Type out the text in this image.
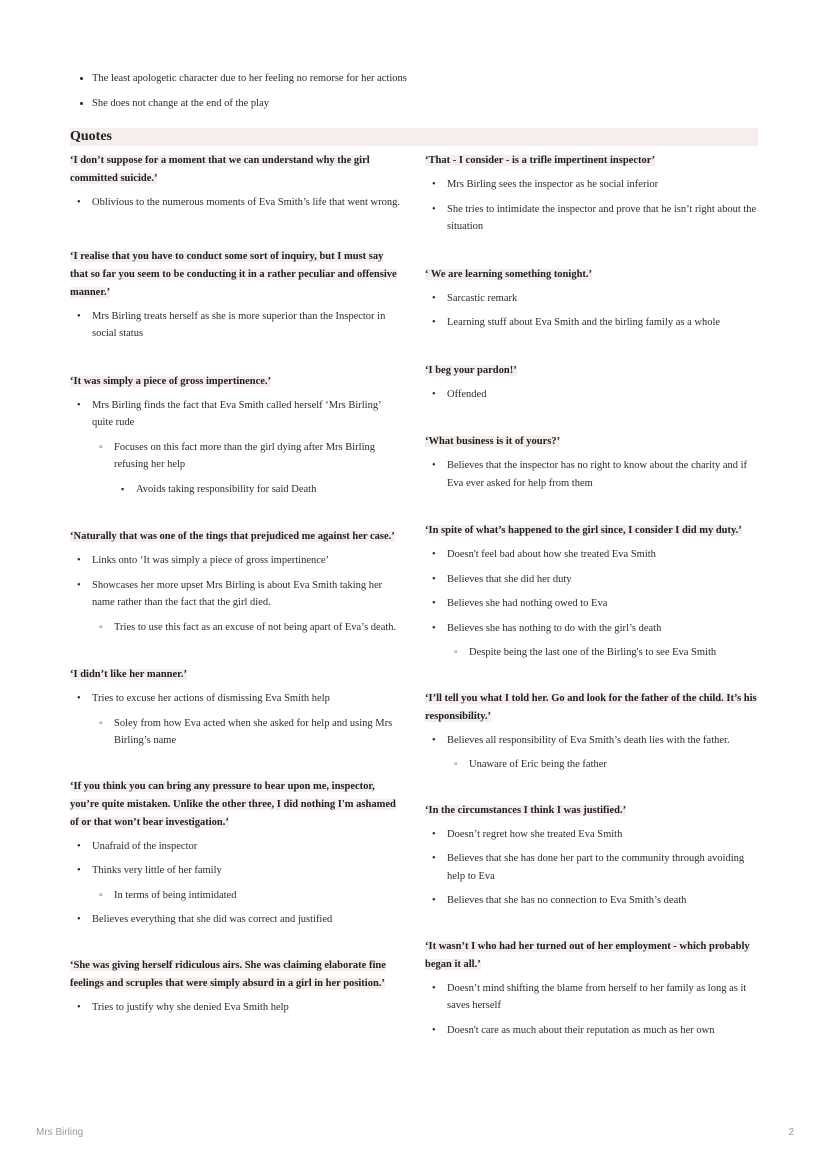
• The least apologetic character due to her feeling no remorse for her actions
• She does not change at the end of the play
Quotes

‘I don’t suppose for a moment that we can understand why the girl committed suicide.’

• Oblivious to the numerous moments of Eva Smith’s life that went wrong.

‘I realise that you have to conduct some sort of inquiry, but I must say that so far you seem to be conducting it in a rather peculiar and offensive manner.’

• Mrs Birling treats herself as she is more superior than the Inspector in social status

‘It was simply a piece of gross impertinence.’

• Mrs Birling finds the fact that Eva Smith called herself ‘Mrs Birling’ quite rude
◦ Focuses on this fact more than the girl dying after Mrs Birling refusing her help
▪ Avoids taking responsibility for said Death

‘Naturally that was one of the tings that prejudiced me against her case.’

• Links onto ‘It was simply a piece of gross impertinence’
• Showcases her more upset Mrs Birling is about Eva Smith taking her name rather than the fact that the girl died.
◦ Tries to use this fact as an excuse of not being apart of Eva’s death.

‘I didn’t like her manner.’

• Tries to excuse her actions of dismissing Eva Smith help
◦ Soley from how Eva acted when she asked for help and using Mrs Birling’s name

‘If you think you can bring any pressure to bear upon me, inspector, you’re quite mistaken. Unlike the other three, I did nothing I'm ashamed of or that won’t bear investigation.’

• Unafraid of the inspector
• Thinks very little of her family
◦ In terms of being intimidated
• Believes everything that she did was correct and justified

‘She was giving herself ridiculous airs. She was claiming elaborate fine feelings and scruples that were simply absurd in a girl in her position.’

• Tries to justify why she denied Eva Smith help

‘That - I consider - is a trifle impertinent inspector’

• Mrs Birling sees the inspector as he social inferior
• She tries to intimidate the inspector and prove that he isn’t right about the situation

‘ We are learning something tonight.’

• Sarcastic remark
• Learning stuff about Eva Smith and the birling family as a whole

‘I beg your pardon!’

• Offended

‘What business is it of yours?’

• Believes that the inspector has no right to know about the charity and if Eva ever asked for help from them

‘In spite of what’s happened to the girl since, I consider I did my duty.’

• Doesn't feel bad about how she treated Eva Smith
• Believes that she did her duty
• Believes she had nothing owed to Eva
• Believes she has nothing to do with the girl’s death
◦ Despite being the last one of the Birling's to see Eva Smith

‘I’ll tell you what I told her. Go and look for the father of the child. It’s his responsibility.’

• Believes all responsibility of Eva Smith’s death lies with the father.
◦ Unaware of Eric being the father

‘In the circumstances I think I was justified.’

• Doesn’t regret how she treated Eva Smith
• Believes that she has done her part to the community through avoiding help to Eva
• Believes that she has no connection to Eva Smith’s death

‘It wasn’t I who had her turned out of her employment - which probably began it all.’

• Doesn’t mind shifting the blame from herself to her family as long as it saves herself
• Doesn't care as much about their reputation as much as her own
Mrs Birling	2
